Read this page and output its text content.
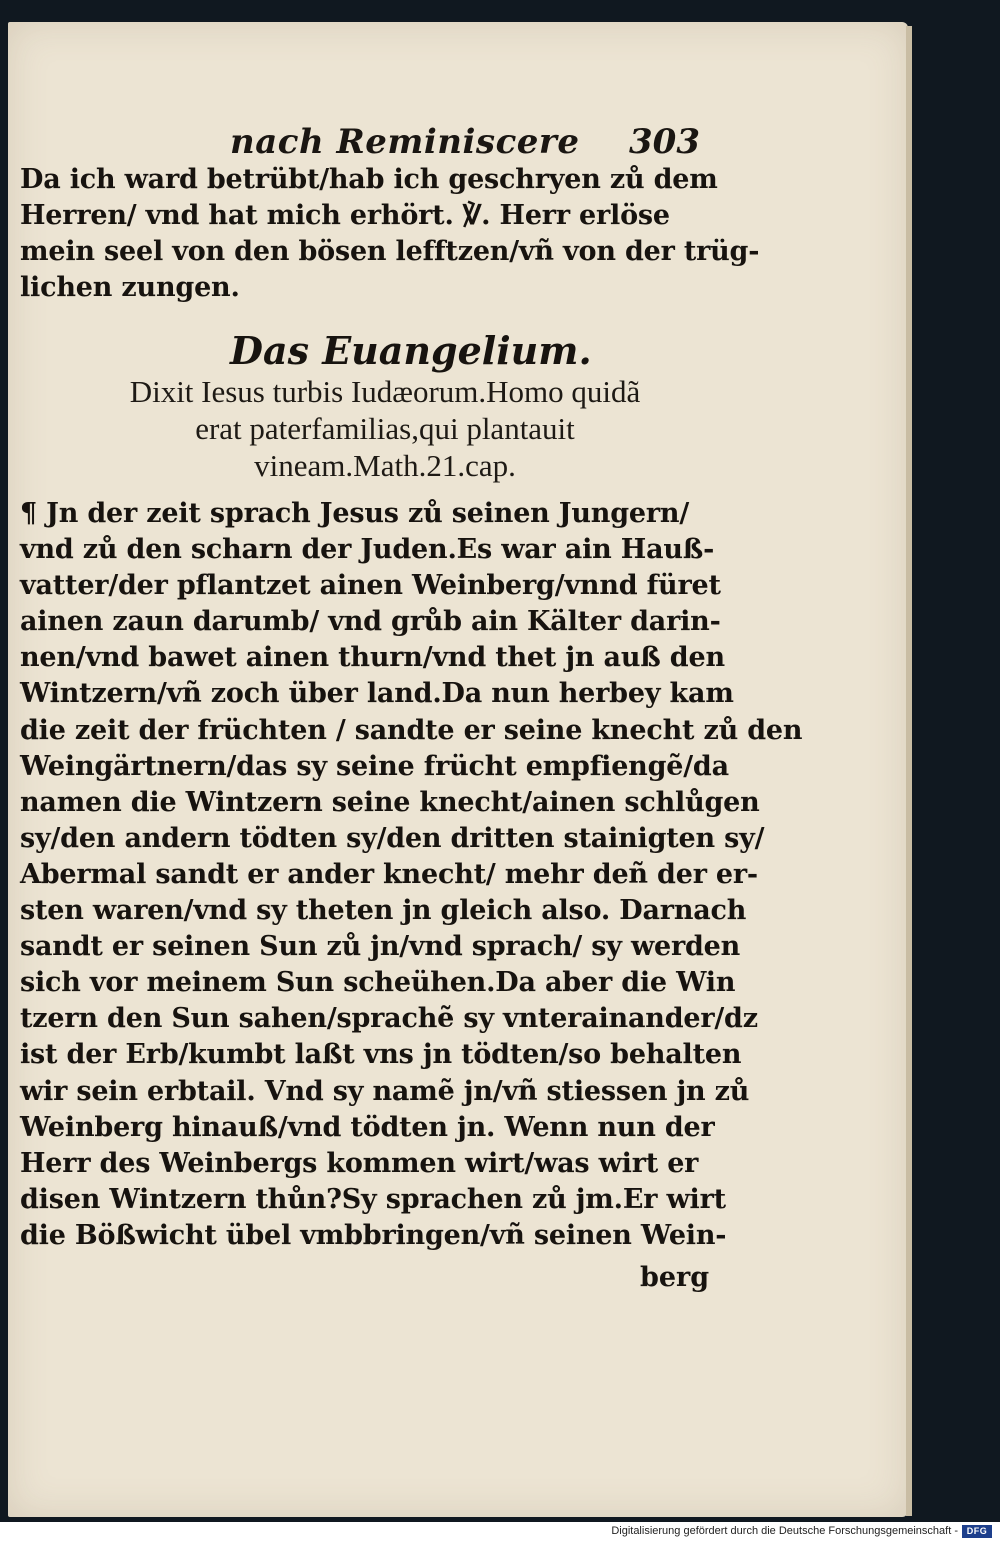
nach Reminiscere 303
Da ich ward betrübt/hab ich geschryen zů dem
Herren/ vnd hat mich erhört. ℣. Herr erlöse
mein seel von den bösen lefftzen/vñ von der trüg-
lichen zungen.
Das Euangelium.
Dixit Iesus turbis Iudæorum.Homo quidã
erat paterfamilias,qui plantauit
vineam.Math.21.cap.
¶ Jn der zeit sprach Jesus zů seinen Jungern/
vnd zů den scharn der Juden.Es war ain Hauß-
vatter/der pflantzet ainen Weinberg/vnnd füret
ainen zaun darumb/ vnd grůb ain Kälter darin-
nen/vnd bawet ainen thurn/vnd thet jn auß den
Wintzern/vñ zoch über land.Da nun herbey kam
die zeit der früchten / sandte er seine knecht zů den
Weingärtnern/das sy seine frücht empfiengẽ/da
namen die Wintzern seine knecht/ainen schlůgen
sy/den andern tödten sy/den dritten stainigten sy/
Abermal sandt er ander knecht/ mehr deñ der er-
sten waren/vnd sy theten jn gleich also. Darnach
sandt er seinen Sun zů jn/vnd sprach/ sy werden
sich vor meinem Sun scheühen.Da aber die Win
tzern den Sun sahen/sprachẽ sy vnterainander/dz
ist der Erb/kumbt laßt vns jn tödten/so behalten
wir sein erbtail. Vnd sy namẽ jn/vñ stiessen jn zů
Weinberg hinauß/vnd tödten jn. Wenn nun der
Herr des Weinbergs kommen wirt/was wirt er
disen Wintzern thůn?Sy sprachen zů jm.Er wirt
die Bößwicht übel vmbbringen/vñ seinen Wein-
berg
Digitalisierung gefördert durch die Deutsche Forschungsgemeinschaft - DFG
